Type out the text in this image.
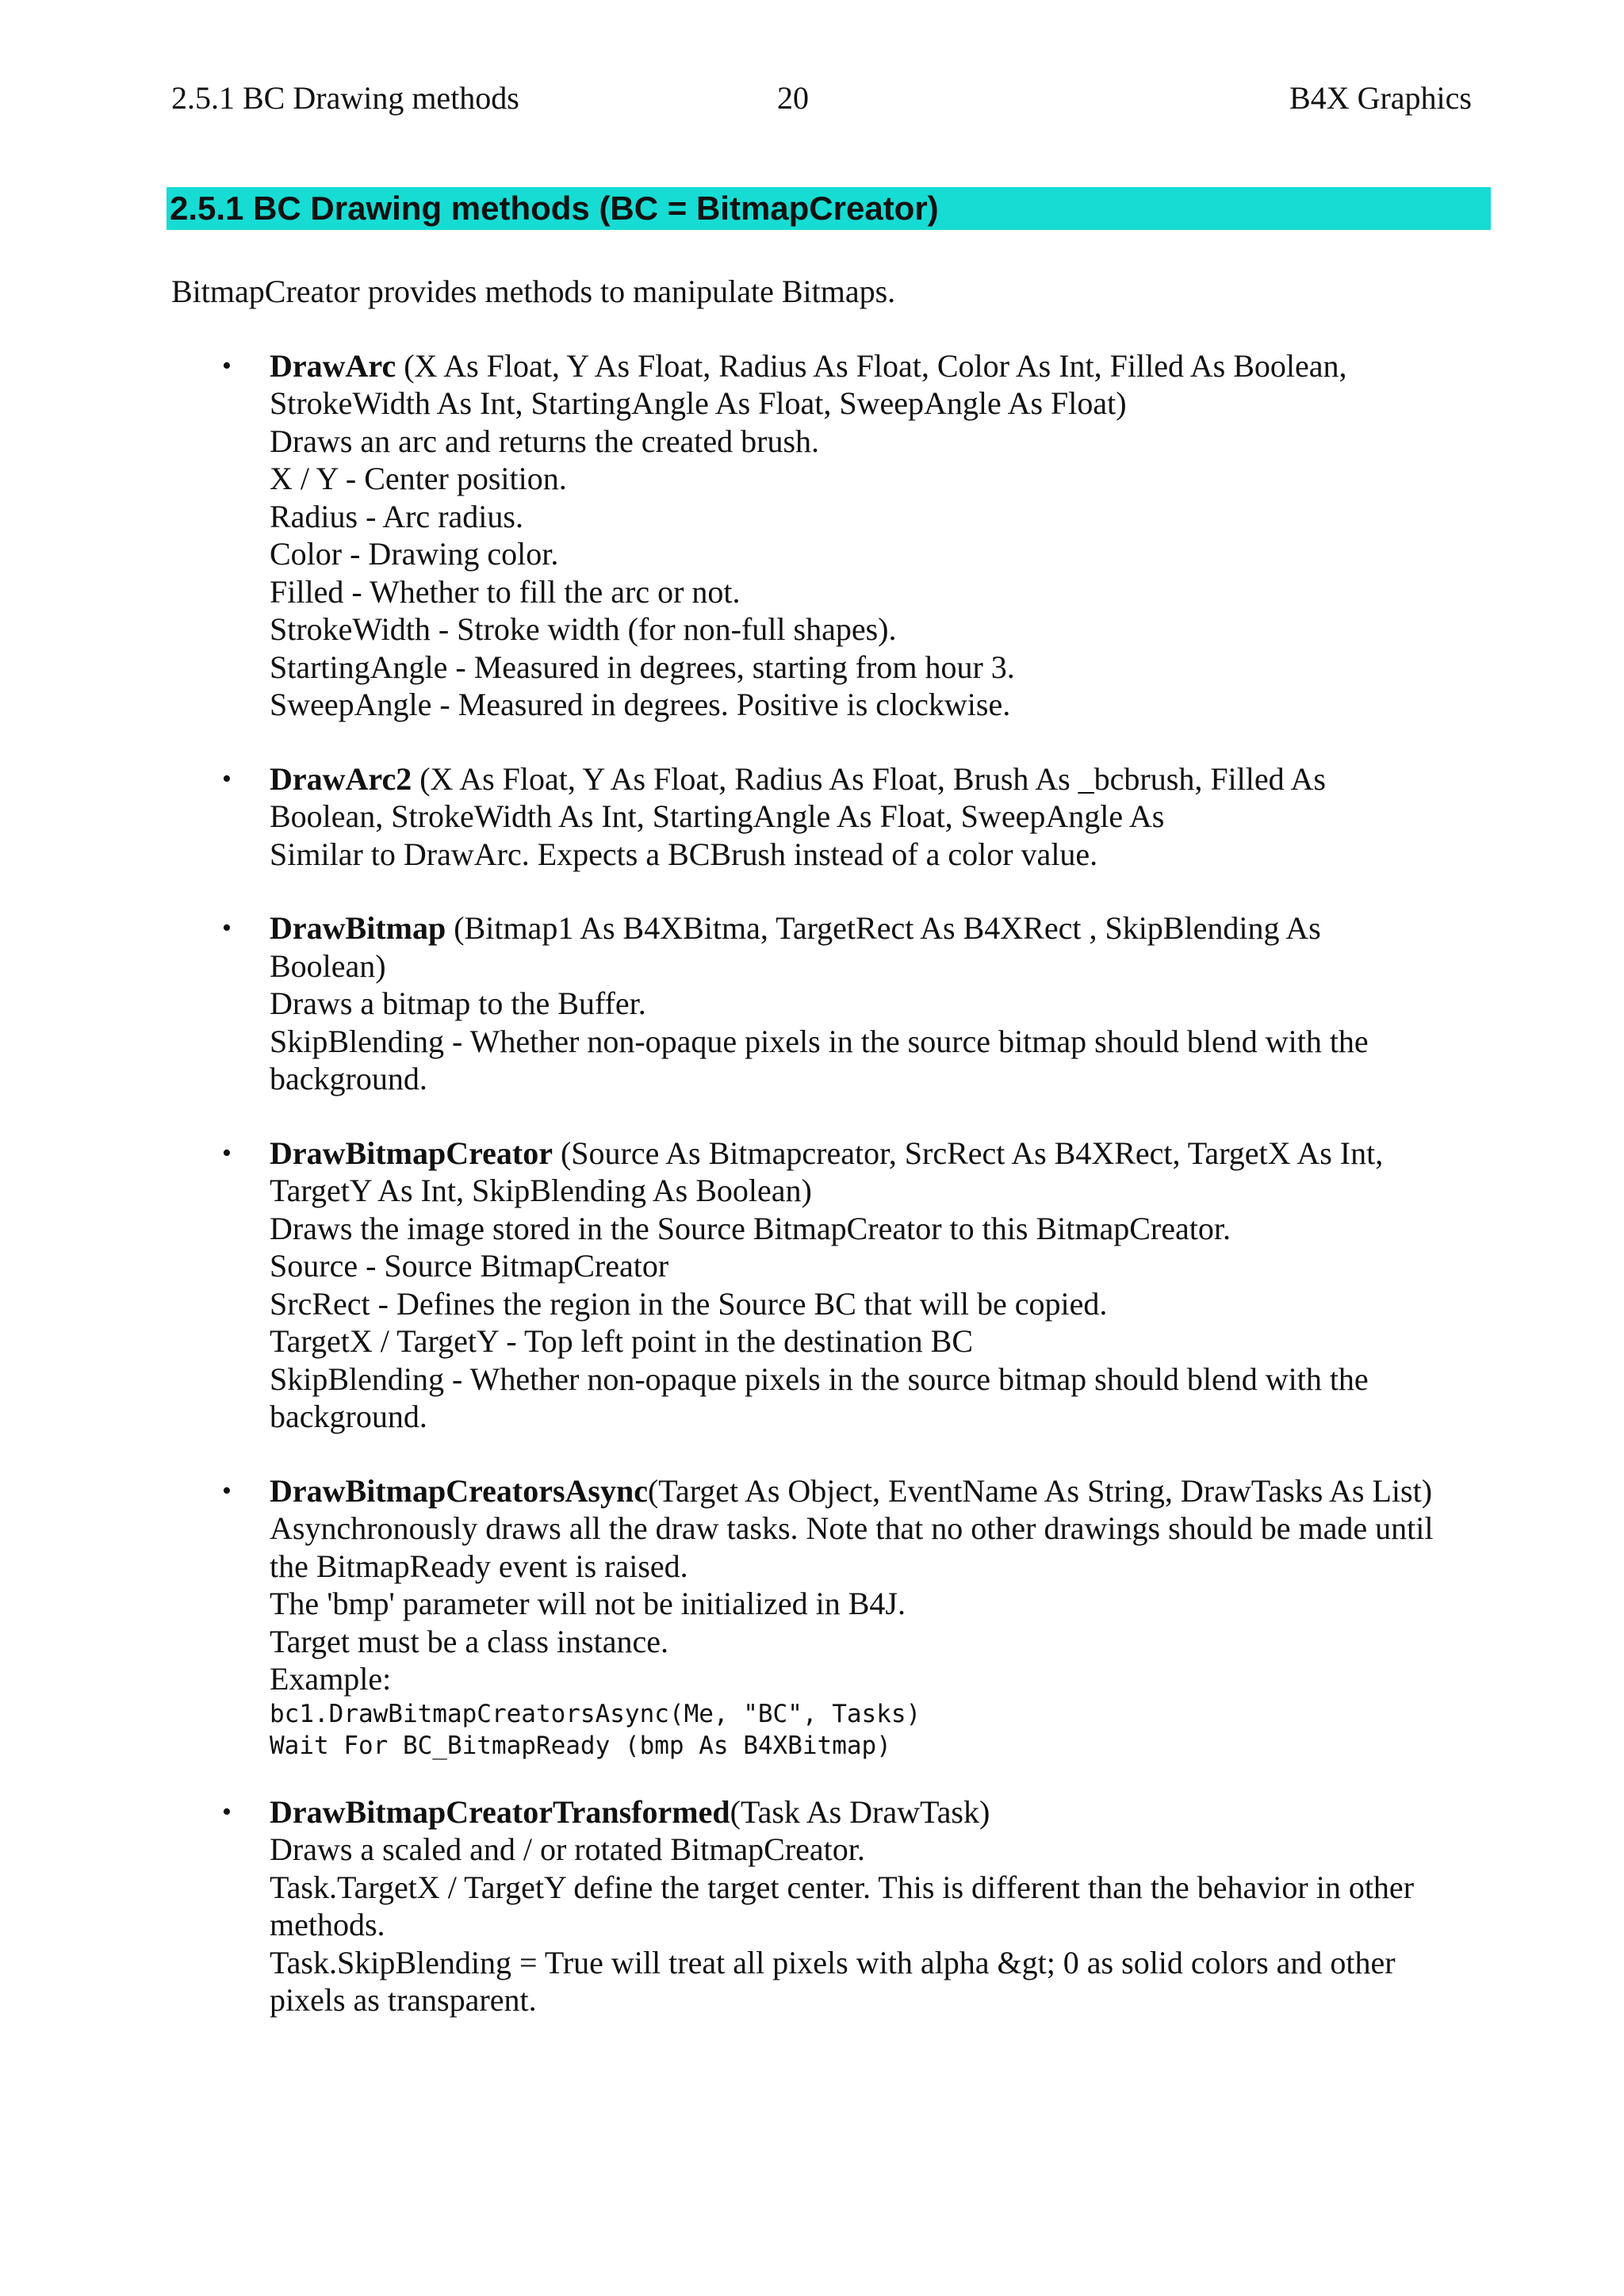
2.5.1 BC Drawing methods	20	B4X Graphics
2.5.1 BC Drawing methods (BC = BitmapCreator)

BitmapCreator provides methods to manipulate Bitmaps.

• DrawArc (X As Float, Y As Float, Radius As Float, Color As Int, Filled As Boolean,
StrokeWidth As Int, StartingAngle As Float, SweepAngle As Float)
Draws an arc and returns the created brush.
X / Y - Center position.
Radius - Arc radius.
Color - Drawing color.
Filled - Whether to fill the arc or not.
StrokeWidth - Stroke width (for non-full shapes).
StartingAngle - Measured in degrees, starting from hour 3.
SweepAngle - Measured in degrees. Positive is clockwise.
• DrawArc2 (X As Float, Y As Float, Radius As Float, Brush As _bcbrush, Filled As
Boolean, StrokeWidth As Int, StartingAngle As Float, SweepAngle As
Similar to DrawArc. Expects a BCBrush instead of a color value.
• DrawBitmap (Bitmap1 As B4XBitma, TargetRect As B4XRect , SkipBlending As
Boolean)
Draws a bitmap to the Buffer.
SkipBlending - Whether non-opaque pixels in the source bitmap should blend with the
background.
• DrawBitmapCreator (Source As Bitmapcreator, SrcRect As B4XRect, TargetX As Int,
TargetY As Int, SkipBlending As Boolean)
Draws the image stored in the Source BitmapCreator to this BitmapCreator.
Source - Source BitmapCreator
SrcRect - Defines the region in the Source BC that will be copied.
TargetX / TargetY - Top left point in the destination BC
SkipBlending - Whether non-opaque pixels in the source bitmap should blend with the
background.
• DrawBitmapCreatorsAsync(Target As Object, EventName As String, DrawTasks As List)
Asynchronously draws all the draw tasks. Note that no other drawings should be made until
the BitmapReady event is raised.
The 'bmp' parameter will not be initialized in B4J.
Target must be a class instance.
Example:
bc1.DrawBitmapCreatorsAsync(Me, "BC", Tasks)
Wait For BC_BitmapReady (bmp As B4XBitmap)
• DrawBitmapCreatorTransformed(Task As DrawTask)
Draws a scaled and / or rotated BitmapCreator.
Task.TargetX / TargetY define the target center. This is different than the behavior in other
methods.
Task.SkipBlending = True will treat all pixels with alpha &gt; 0 as solid colors and other
pixels as transparent.
